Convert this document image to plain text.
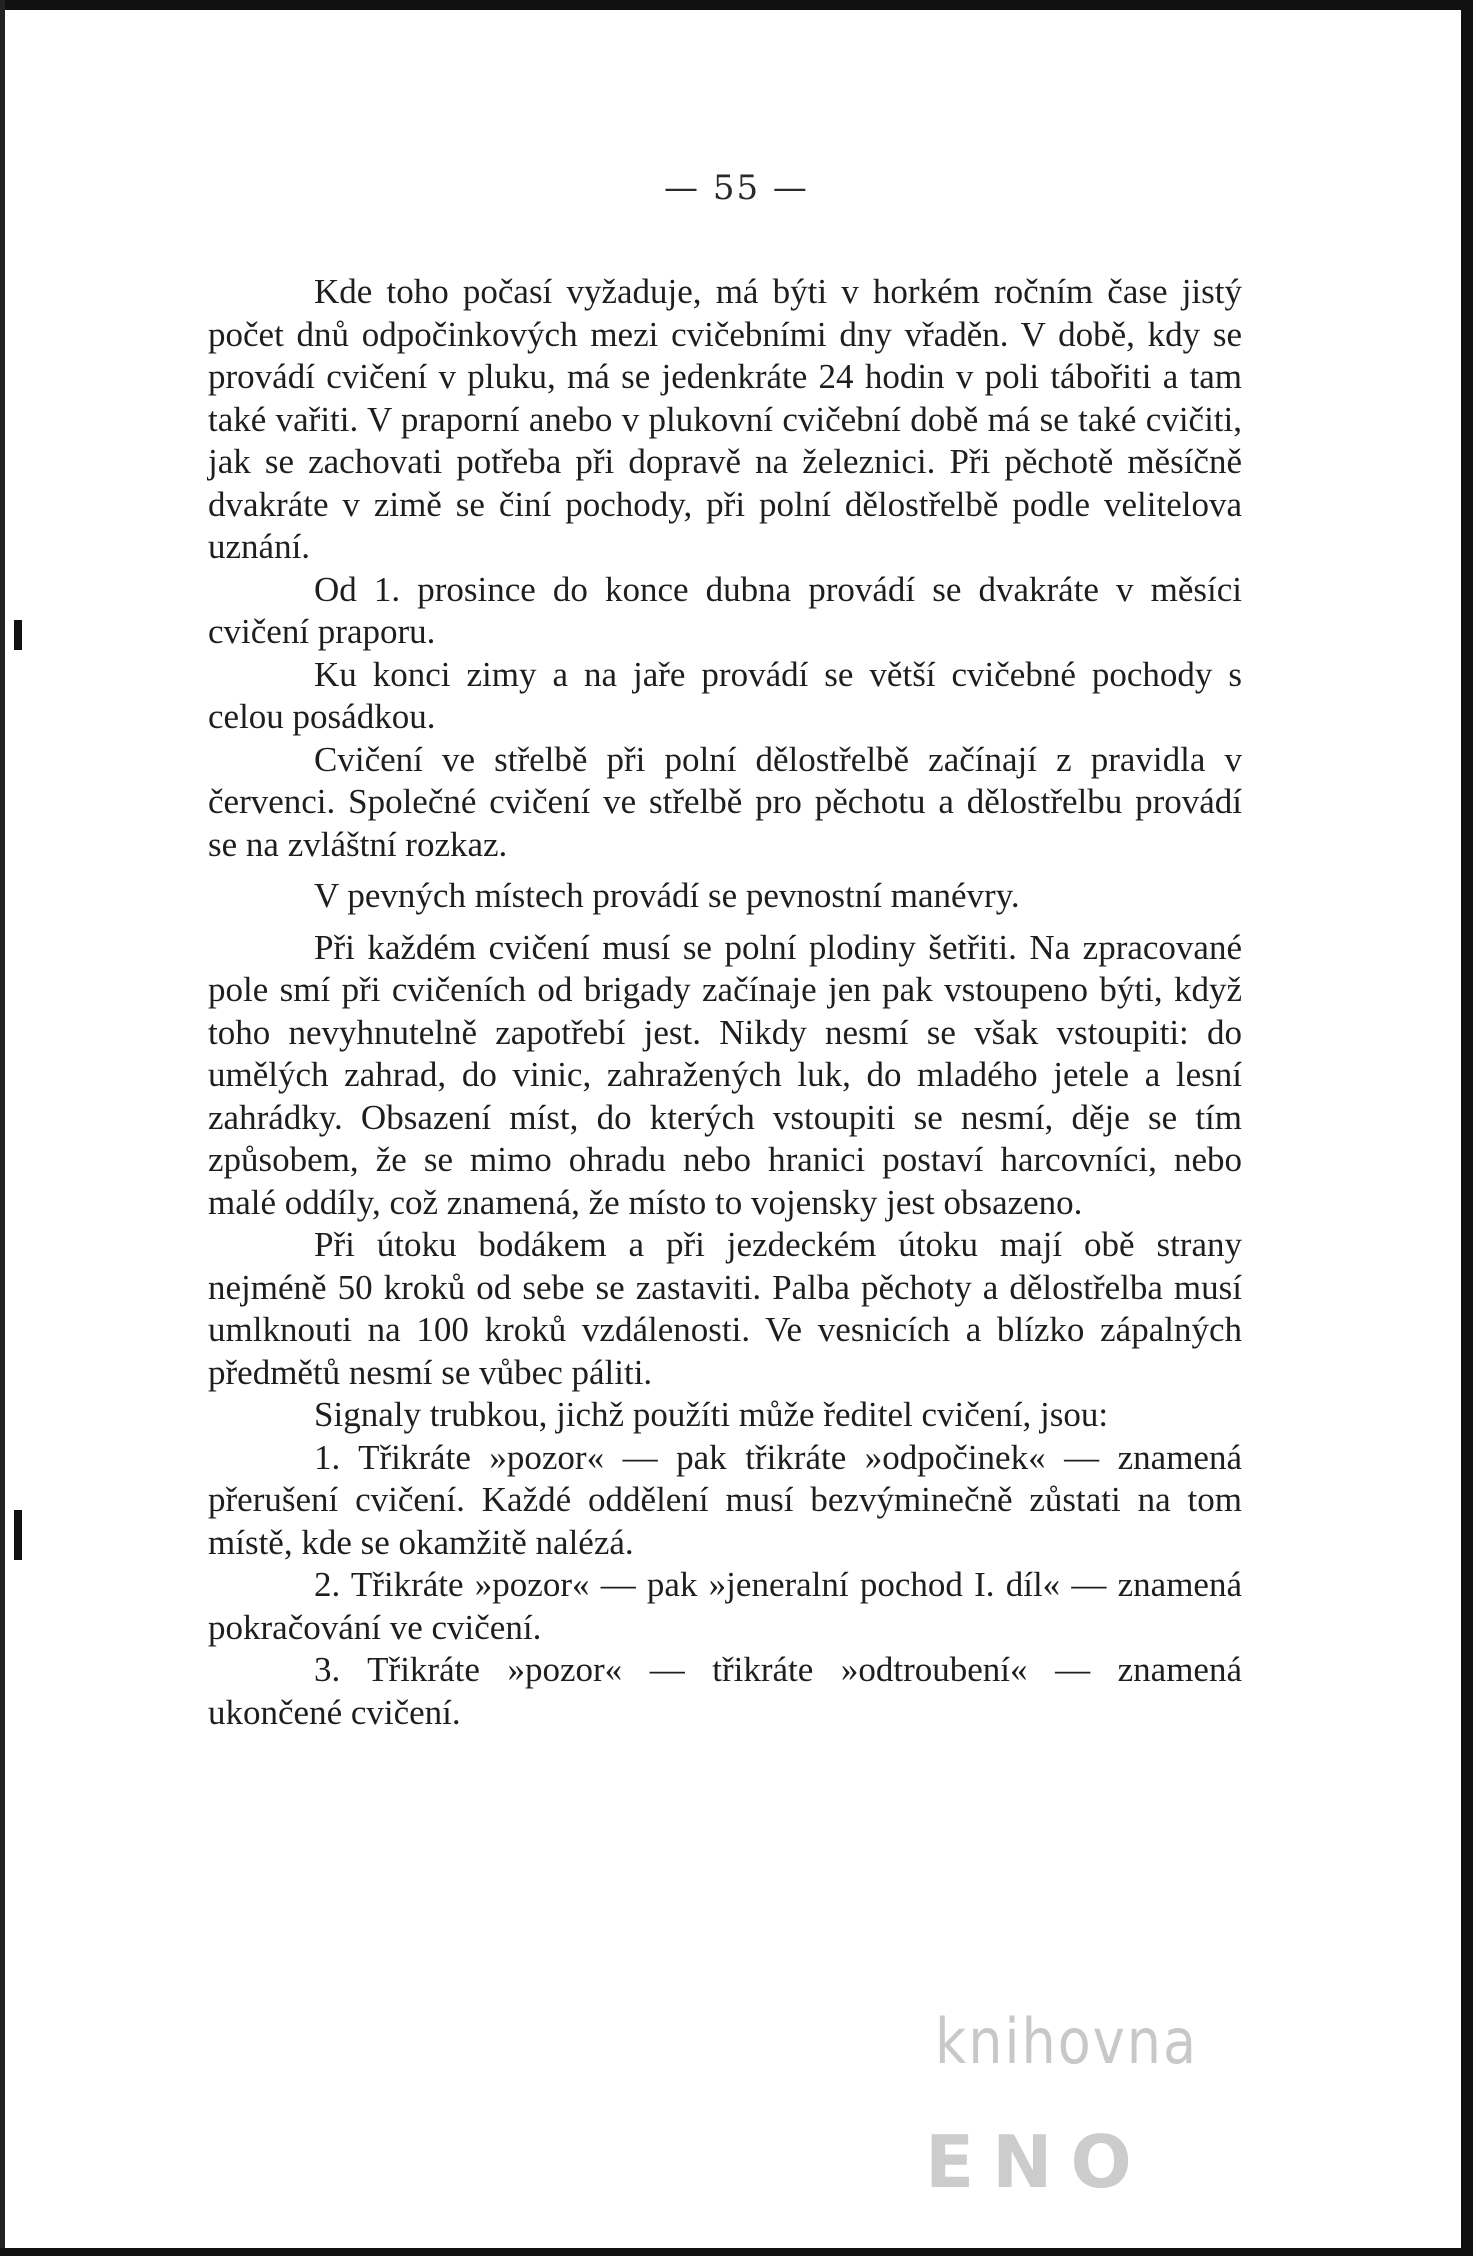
— 55 —

Kde toho počasí vyžaduje, má býti v horkém ročním čase jistý počet dnů odpočinkových mezi cvičebními dny vřaděn. V době, kdy se provádí cvičení v pluku, má se jedenkráte 24 hodin v poli tábořiti a tam také vařiti. V praporní anebo v plukovní cvičební době má se také cvičiti, jak se zachovati potřeba při dopravě na železnici. Při pěchotě měsíčně dvakráte v zimě se činí pochody, při polní dělostřelbě podle velitelova uznání.

Od 1. prosince do konce dubna provádí se dvakráte v měsíci cvičení praporu.

Ku konci zimy a na jaře provádí se větší cvičebné pochody s celou posádkou.

Cvičení ve střelbě při polní dělostřelbě začínají z pravidla v červenci. Společné cvičení ve střelbě pro pěchotu a dělostřelbu provádí se na zvláštní rozkaz.

V pevných místech provádí se pevnostní manévry.

Při každém cvičení musí se polní plodiny šetřiti. Na zpracované pole smí při cvičeních od brigady začínaje jen pak vstoupeno býti, když toho nevyhnutelně zapotřebí jest. Nikdy nesmí se však vstoupiti: do umělých zahrad, do vinic, zahražených luk, do mladého jetele a lesní zahrádky. Obsazení míst, do kterých vstoupiti se nesmí, děje se tím způsobem, že se mimo ohradu nebo hranici postaví harcovníci, nebo malé oddíly, což znamená, že místo to vojensky jest obsazeno.

Při útoku bodákem a při jezdeckém útoku mají obě strany nejméně 50 kroků od sebe se zastaviti. Palba pěchoty a dělostřelba musí umlknouti na 100 kroků vzdálenosti. Ve vesnicích a blízko zápalných předmětů nesmí se vůbec páliti.

Signaly trubkou, jichž použíti může ředitel cvičení, jsou:

1. Třikráte »pozor« — pak třikráte »odpočinek« — znamená přerušení cvičení. Každé oddělení musí bezvýminečně zůstati na tom místě, kde se okamžitě nalézá.

2. Třikráte »pozor« — pak »jeneralní pochod I. díl« — znamená pokračování ve cvičení.

3. Třikráte »pozor« — třikráte »odtroubení« — znamená ukončené cvičení.

knihovna
ENO
